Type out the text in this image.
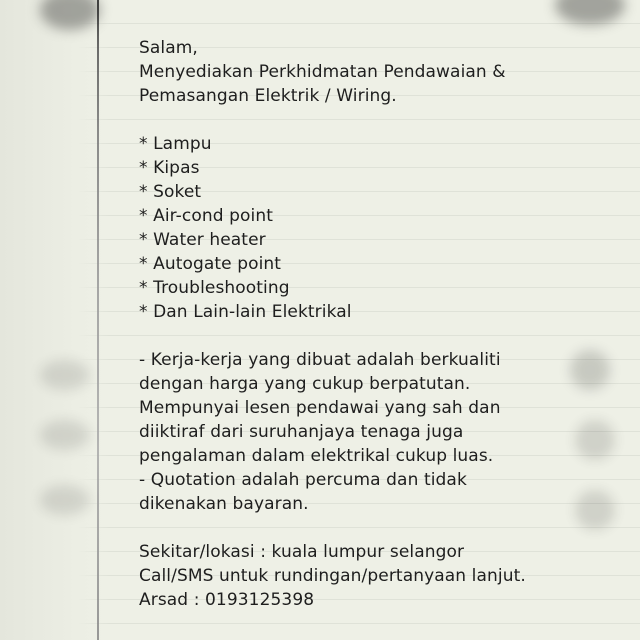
Salam,
Menyediakan Perkhidmatan Pendawaian &
Pemasangan Elektrik / Wiring.
* Lampu
* Kipas
* Soket
* Air-cond point
* Water heater
* Autogate point
* Troubleshooting
* Dan Lain-lain Elektrikal
- Kerja-kerja yang dibuat adalah berkualiti
dengan harga yang cukup berpatutan.
Mempunyai lesen pendawai yang sah dan
diiktiraf dari suruhanjaya tenaga juga
pengalaman dalam elektrikal cukup luas.
- Quotation adalah percuma dan tidak
dikenakan bayaran.
Sekitar/lokasi : kuala lumpur selangor
Call/SMS untuk rundingan/pertanyaan lanjut.
Arsad : 0193125398
